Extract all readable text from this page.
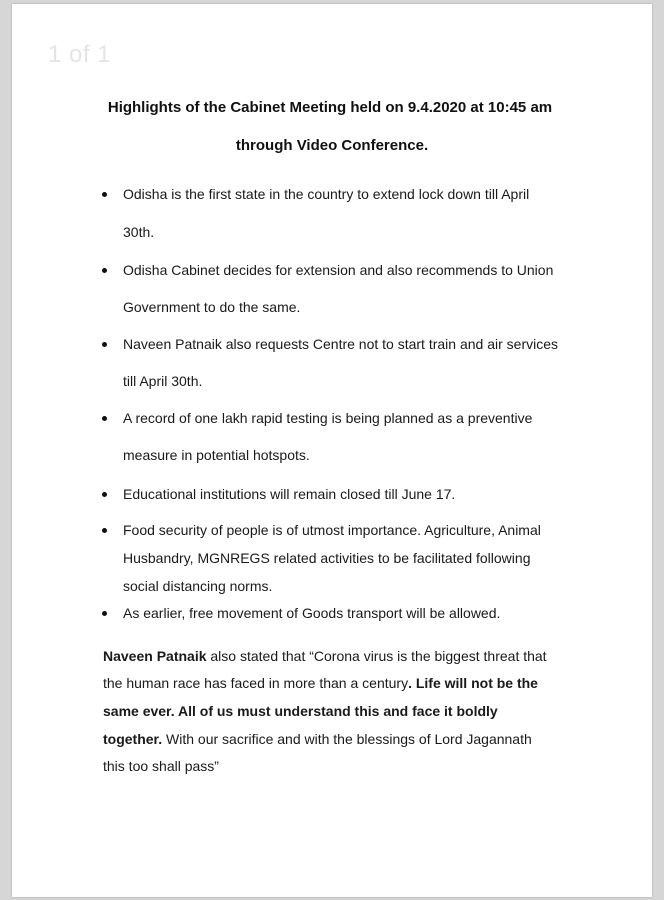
1 of 1
Highlights of the Cabinet Meeting held on 9.4.2020 at 10:45 am
through Video Conference.
Odisha is the first state in the country to extend lock down till April
30th.
Odisha Cabinet decides for extension and also recommends to Union
Government to do the same.
Naveen Patnaik also requests Centre not to start train and air services
till April 30th.
A record of one lakh rapid testing is being planned as a preventive
measure in potential hotspots.
Educational institutions will remain closed till June 17.
Food security of people is of utmost importance. Agriculture, Animal
Husbandry, MGNREGS related activities to be facilitated following
social distancing norms.
As earlier, free movement of Goods transport will be allowed.
Naveen Patnaik also stated that “Corona virus is the biggest threat that
the human race has faced in more than a century. Life will not be the
same ever. All of us must understand this and face it boldly
together. With our sacrifice and with the blessings of Lord Jagannath
this too shall pass”
